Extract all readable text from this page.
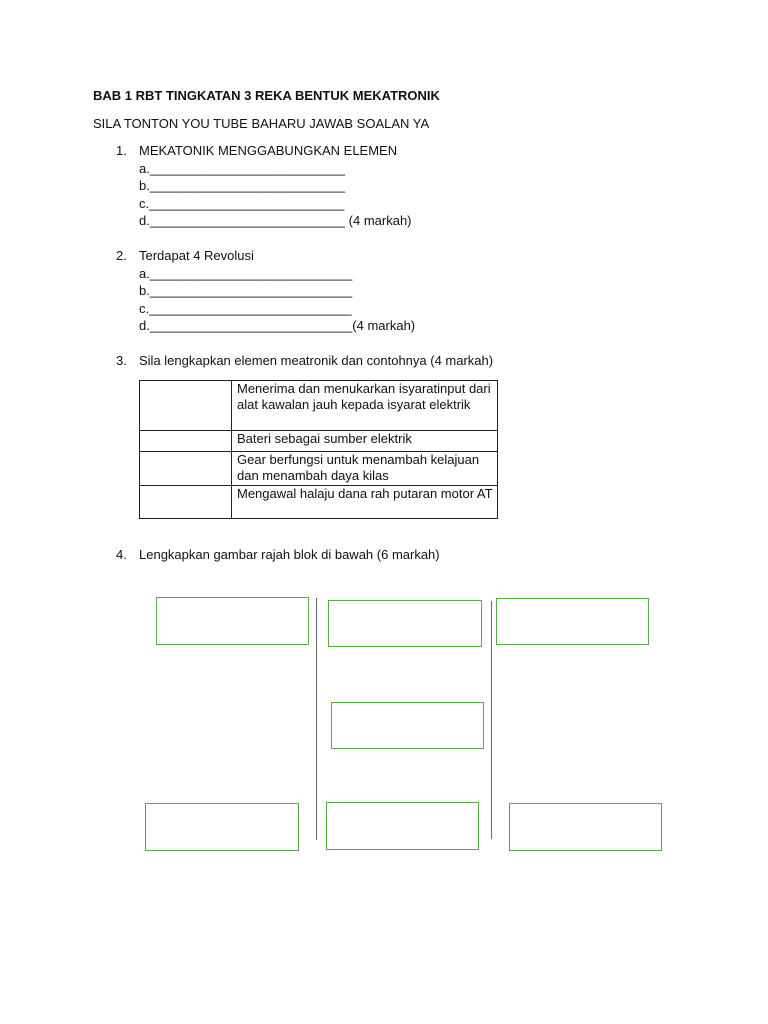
BAB 1 RBT TINGKATAN 3 REKA BENTUK MEKATRONIK
SILA TONTON YOU TUBE BAHARU JAWAB SOALAN YA
1. MEKATONIK MENGGABUNGKAN ELEMEN
a.___________________________
b.___________________________
c.___________________________
d.___________________________ (4 markah)
2. Terdapat 4 Revolusi
a.____________________________
b.____________________________
c.____________________________
d.____________________________(4 markah)
3. Sila lengkapkan elemen meatronik dan contohnya (4 markah)
	Menerima dan menukarkan isyaratinput dari alat kawalan jauh kepada isyarat elektrik
	Bateri sebagai sumber elektrik
	Gear berfungsi untuk menambah kelajuan dan menambah daya kilas
	Mengawal halaju dana rah putaran motor AT
4. Lengkapkan gambar rajah blok di bawah (6 markah)
